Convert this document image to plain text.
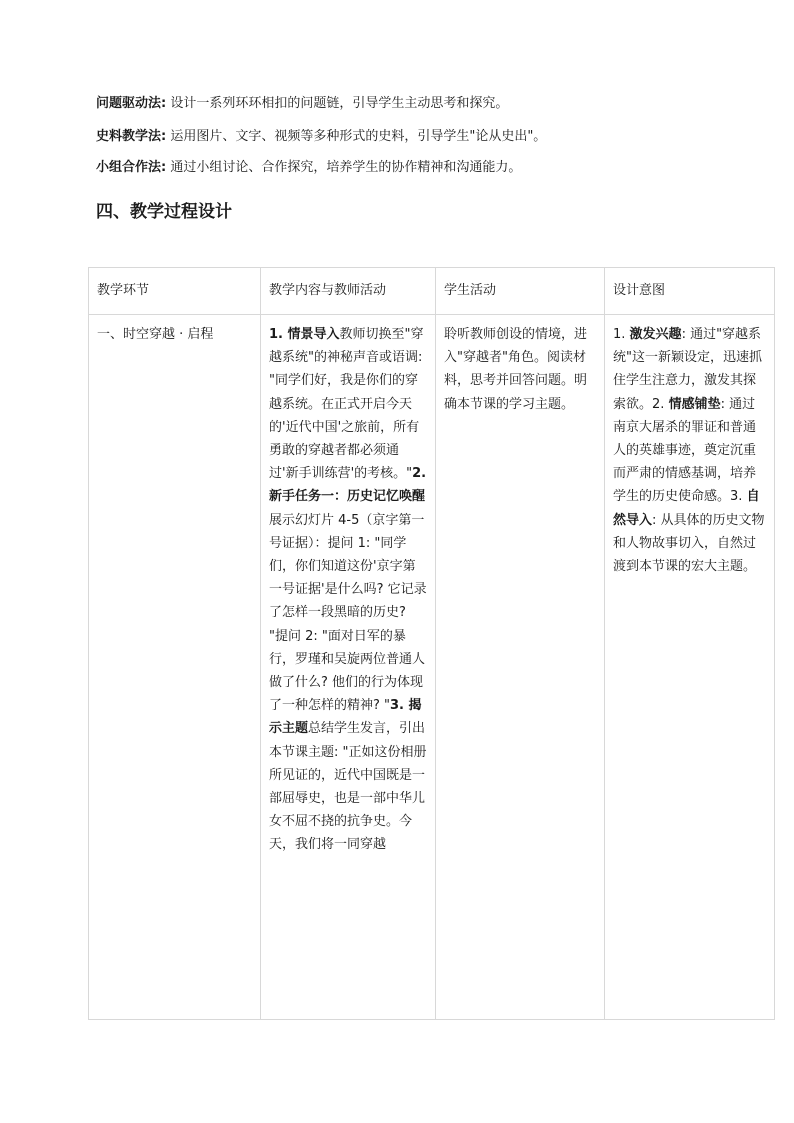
问题驱动法: 设计一系列环环相扣的问题链，引导学生主动思考和探究。
史料教学法: 运用图片、文字、视频等多种形式的史料，引导学生"论从史出"。
小组合作法: 通过小组讨论、合作探究，培养学生的协作精神和沟通能力。
四、教学过程设计
教学环节	教学内容与教师活动	学生活动	设计意图

一、时空穿越 · 启程	1. 情景导入教师切换至"穿越系统"的神秘声音或语调: "同学们好，我是你们的穿越系统。在正式开启今天的'近代中国'之旅前，所有勇敢的穿越者都必须通过'新手训练营'的考核。"2. 新手任务一：历史记忆唤醒展示幻灯片 4-5（京字第一号证据）：提问 1: "同学们，你们知道这份'京字第一号证据'是什么吗? 它记录了怎样一段黑暗的历史? "提问 2: "面对日军的暴行，罗瑾和吴旋两位普通人做了什么? 他们的行为体现了一种怎样的精神? "3. 揭示主题总结学生发言，引出本节课主题: "正如这份相册所见证的，近代中国既是一部屈辱史，也是一部中华儿女不屈不挠的抗争史。今天，我们将一同穿越	聆听教师创设的情境，进入"穿越者"角色。阅读材料，思考并回答问题。明确本节课的学习主题。	1. 激发兴趣: 通过"穿越系统"这一新颖设定，迅速抓住学生注意力，激发其探索欲。2. 情感铺垫: 通过南京大屠杀的罪证和普通人的英雄事迹，奠定沉重而严肃的情感基调，培养学生的历史使命感。3. 自然导入: 从具体的历史文物和人物故事切入，自然过渡到本节课的宏大主题。
